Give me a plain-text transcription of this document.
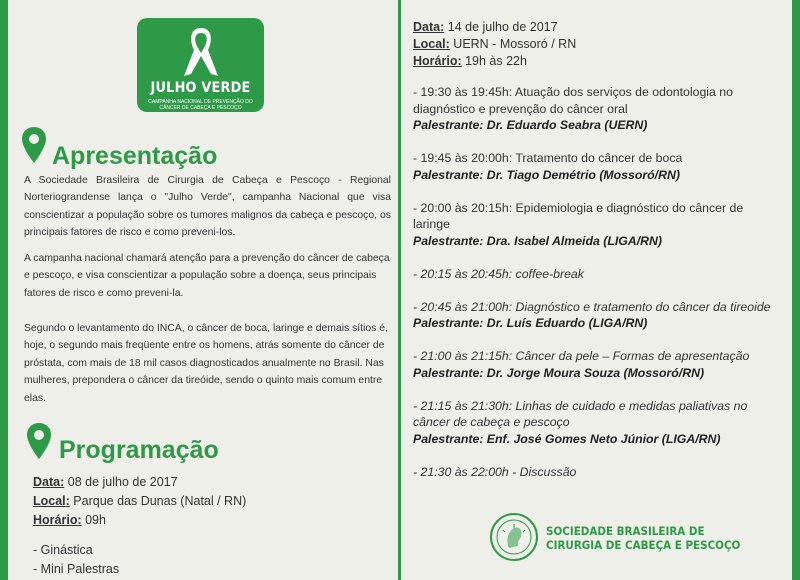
JULHO VERDE
CAMPANHA NACIONAL DE PREVENÇÃO DO CÂNCER DE CABEÇA E PESCOÇO
Apresentação

A Sociedade Brasileira de Cirurgia de Cabeça e Pescoço - Regional Norteriograndense lança o "Julho Verde", campanha Nacional que visa conscientizar a população sobre os tumores malignos da cabeça e pescoço, os principais fatores de risco e como preveni-los.

A campanha nacional chamará atenção para a prevenção do câncer de cabeça e pescoço, e visa conscientizar a população sobre a doença, seus principais fatores de risco e como preveni-la.

Segundo o levantamento do INCA, o câncer de boca, laringe e demais sítios é, hoje, o segundo mais freqüente entre os homens, atrás somente do câncer de próstata, com mais de 18 mil casos diagnosticados anualmente no Brasil. Nas mulheres, prepondera o câncer da tireóide, sendo o quinto mais comum entre elas.

Programação
Data: 08 de julho de 2017
Local: Parque das Dunas (Natal / RN)
Horário: 09h
- Ginástica
- Mini Palestras
Data: 14 de julho de 2017
Local: UERN - Mossoró / RN
Horário: 19h às 22h
- 19:30 às 19:45h: Atuação dos serviços de odontologia no diagnóstico e prevenção do câncer oral
Palestrante: Dr. Eduardo Seabra (UERN)
- 19:45 às 20:00h: Tratamento do câncer de boca
Palestrante: Dr. Tiago Demétrio (Mossoró/RN)
- 20:00 às 20:15h: Epidemiologia e diagnóstico do câncer de laringe
Palestrante: Dra. Isabel Almeida (LIGA/RN)
- 20:15 às 20:45h: coffee-break
- 20:45 às 21:00h: Diagnóstico e tratamento do câncer da tireoide
Palestrante: Dr. Luís Eduardo (LIGA/RN)
- 21:00 às 21:15h: Câncer da pele – Formas de apresentação
Palestrante: Dr. Jorge Moura Souza (Mossoró/RN)
- 21:15 às 21:30h: Linhas de cuidado e medidas paliativas no câncer de cabeça e pescoço
Palestrante: Enf. José Gomes Neto Júnior (LIGA/RN)
- 21:30 às 22:00h - Discussão
SOCIEDADE BRASILEIRA DE
CIRURGIA DE CABEÇA E PESCOÇO
